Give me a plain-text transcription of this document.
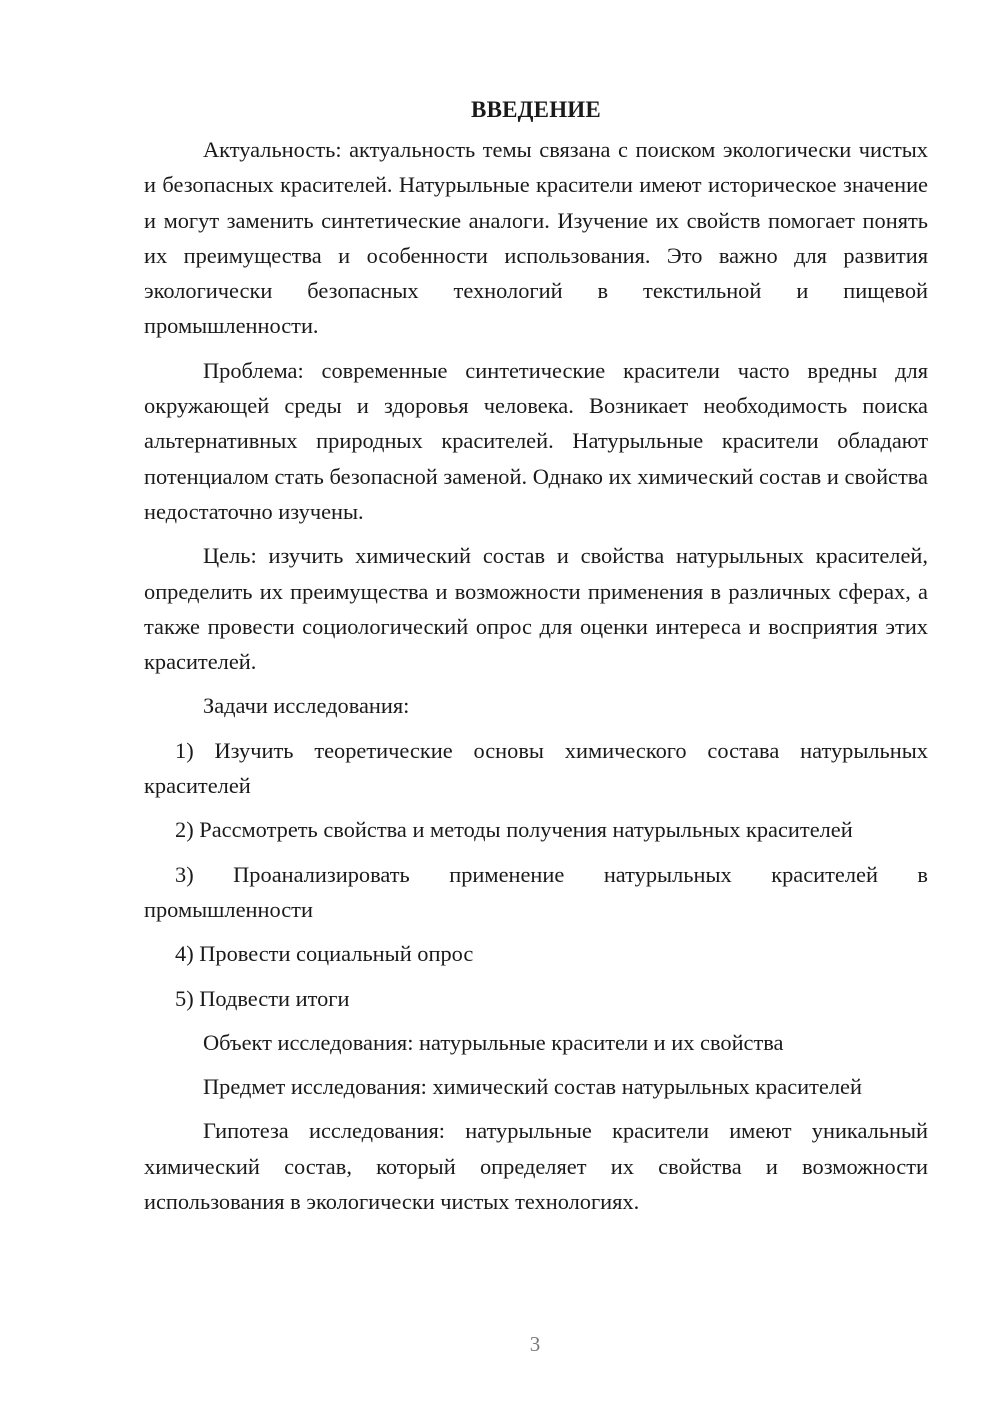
ВВЕДЕНИЕ

Актуальность: актуальность темы связана с поиском экологически чистых и безопасных красителей. Натурыльные красители имеют историческое значение и могут заменить синтетические аналоги. Изучение их свойств помогает понять их преимущества и особенности использования. Это важно для развития экологически безопасных технологий в текстильной и пищевой промышленности.

Проблема: современные синтетические красители часто вредны для окружающей среды и здоровья человека. Возникает необходимость поиска альтернативных природных красителей. Натурыльные красители обладают потенциалом стать безопасной заменой. Однако их химический состав и свойства недостаточно изучены.

Цель: изучить химический состав и свойства натурыльных красителей, определить их преимущества и возможности применения в различных сферах, а также провести социологический опрос для оценки интереса и восприятия этих красителей.

Задачи исследования:

1) Изучить теоретические основы химического состава натурыльных красителей

2) Рассмотреть свойства и методы получения натурыльных красителей

3) Проанализировать применение натурыльных красителей в промышленности

4) Провести социальный опрос

5) Подвести итоги

Объект исследования: натурыльные красители и их свойства

Предмет исследования: химический состав натурыльных красителей

Гипотеза исследования: натурыльные красители имеют уникальный химический состав, который определяет их свойства и возможности использования в экологически чистых технологиях.

3
